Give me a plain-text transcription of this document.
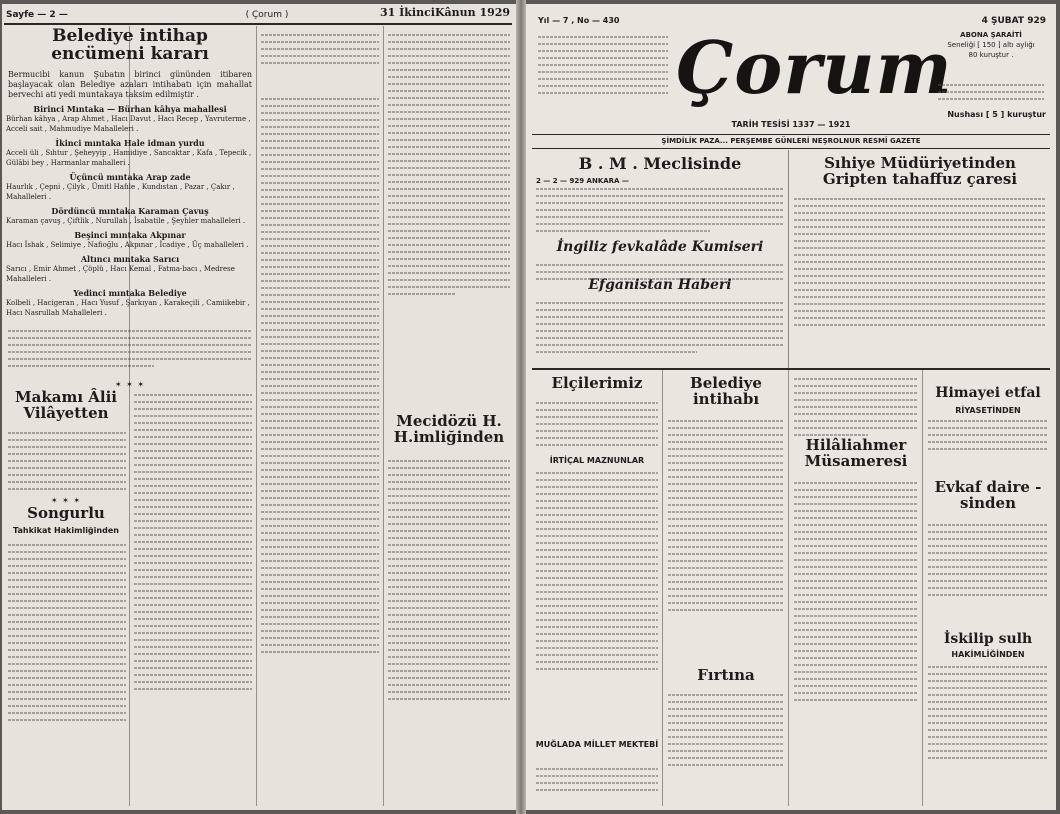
Sayfe — 2 —	( Çorum )	31 İkinciKânun 1929
Belediye intihap encümeni kararı
Bermucibi kanun Şubatın birinci gününden itibaren başlayacak olan Belediye azaları intihabatı için mahallat bervechi ati yedi muntakaya taksim edilmiştir .
Birinci Mıntaka — Bürhan kâhya mahallesi
Bürhan kâhya , Arap Ahmet , Hacı Davut , Hacı Recep , Yavruterme , Acceli sait , Mahmudiye Mahalleleri .
İkinci mıntaka Hale idman yurdu
Acceli üli , Sıhtur , Şeheyyip , Hamidiye , Sancaktar , Kafa , Tepecik , Gülâbi bey , Harmanlar mahalleri .
Üçüncü mıntaka Arap zade
Haurlık , Çepni , Çilyk , Ümitl Hafıle , Kundıstan , Pazar , Çakır , Mahalleleri .
Dördüncü mıntaka Karaman Çavuş
Karaman çavuş , Çiftlik , Nurullah , İsabatile , Şeyhler mahalleleri .
Beşinci mıntaka Akpınar
Hacı İshak , Selimiye , Nafioğlu , Akpınar , İcadiye , Üç mahalleleri .
Altıncı mıntaka Sarıcı
Sarıcı , Emir Ahmet , Çöplü , Hacı Kemal , Fatma-bacı , Medrese Mahalleleri .
Yedinci mıntaka Belediye
Kolbeli , Hacigeran , Hacı Yusuf , Şarkıyan , Karakeçili , Camiikebir , Hacı Nasrullah Mahalleleri .
✶ ✶ ✶
Makamı Âlii Vilâyetten
✶ ✶ ✶
Songurlu
Tahkikat Hakimliğinden
Mecidözü H. H.imliğinden
Yıl — 7 , No — 430
Çorum
TARİH TESİSİ 1337 — 1921
4 ŞUBAT 929
ABONA ŞARAİTİ
Seneliği [ 150 ] altı aylığı
80 kuruştur .
Nushası [ 5 ] kuruştur
ŞİMDİLİK PAZA... PERŞEMBE GÜNLERİ NEŞROLNUR RESMÎ GAZETE
B . M . Meclisinde
2 — 2 — 929 ANKARA —
İngiliz fevkalâde Kumiseri
Efganistan Haberi
Sıhiye Müdüriyetinden Gripten tahaffuz çaresi
Elçilerimiz
İRTİÇAL MAZNUNLAR
MUĞLADA MİLLET MEKTEBİ
Belediye intihabı
Fırtına
Hilâliahmer Müsameresi
Himayei etfal
RİYASETİNDEN
Evkaf daire - sinden
İskilip sulh
HAKİMLİĞİNDEN
